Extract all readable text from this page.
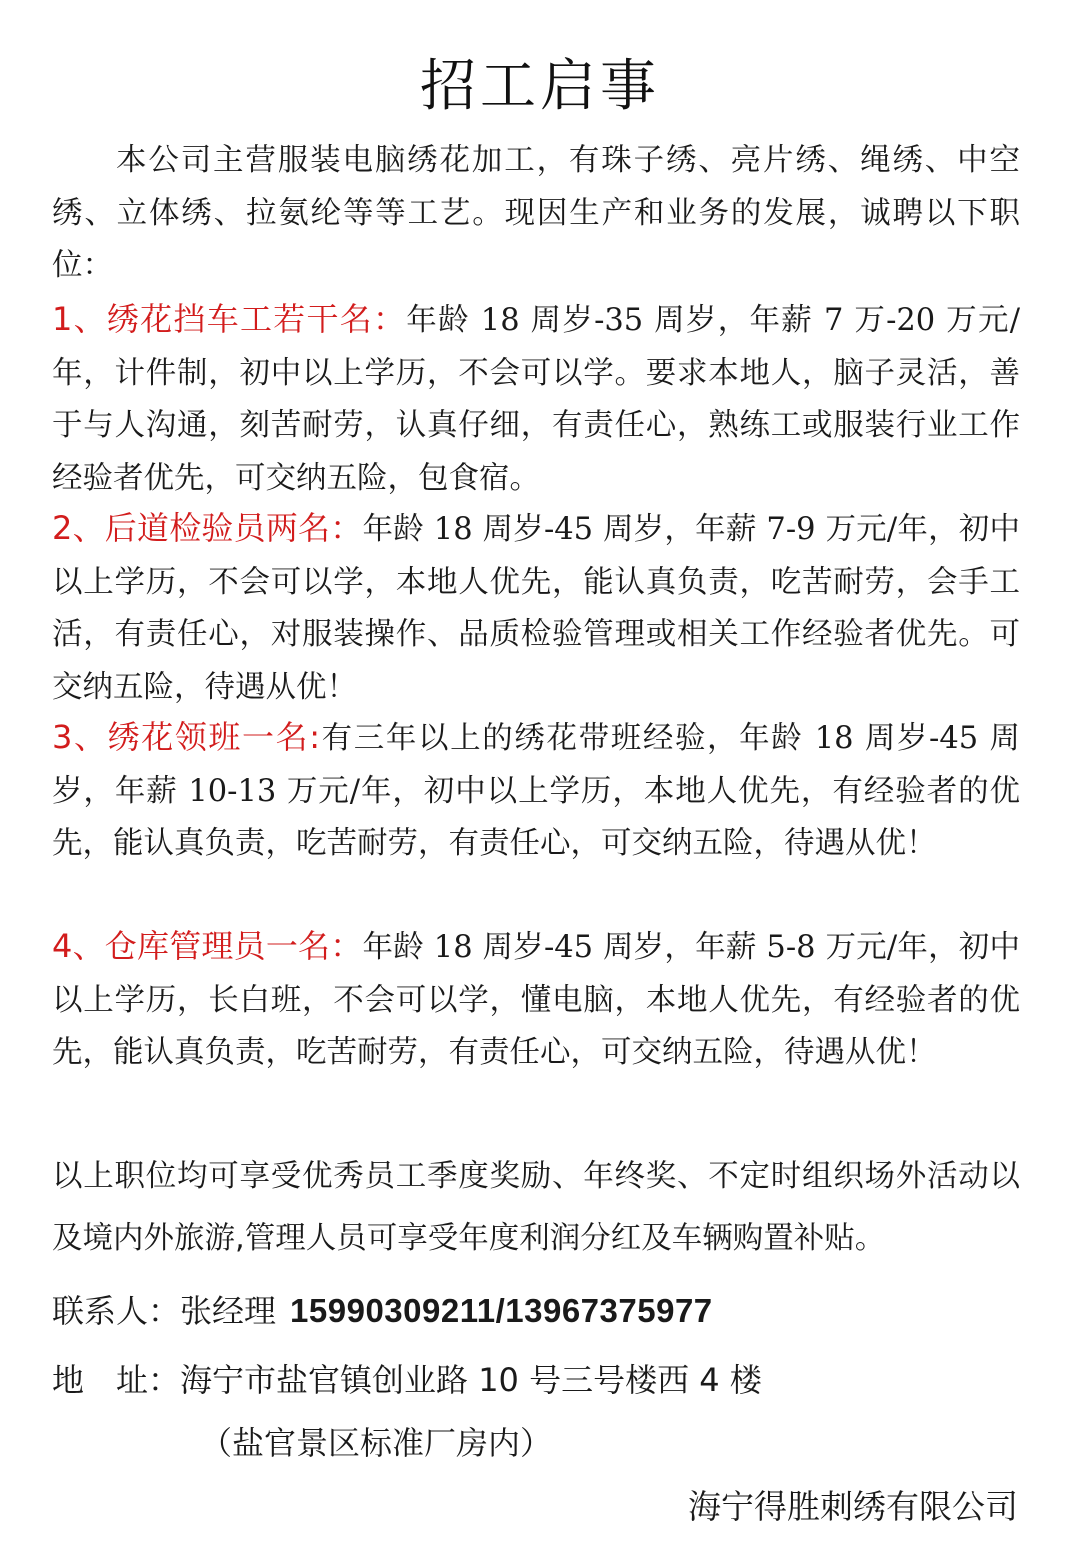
招工启事
本公司主营服装电脑绣花加工，有珠子绣、亮片绣、绳绣、中空绣、立体绣、拉氨纶等等工艺。现因生产和业务的发展，诚聘以下职位：
1、绣花挡车工若干名：年龄 18 周岁-35 周岁，年薪 7 万-20 万元/年，计件制，初中以上学历，不会可以学。要求本地人，脑子灵活，善于与人沟通，刻苦耐劳，认真仔细，有责任心，熟练工或服装行业工作经验者优先，可交纳五险，包食宿。
2、后道检验员两名：年龄 18 周岁-45 周岁，年薪 7-9 万元/年，初中以上学历，不会可以学，本地人优先，能认真负责，吃苦耐劳，会手工活，有责任心，对服装操作、品质检验管理或相关工作经验者优先。可交纳五险，待遇从优！
3、绣花领班一名:有三年以上的绣花带班经验，年龄 18 周岁-45 周岁，年薪 10-13 万元/年，初中以上学历，本地人优先，有经验者的优先，能认真负责，吃苦耐劳，有责任心，可交纳五险，待遇从优！
4、仓库管理员一名：年龄 18 周岁-45 周岁，年薪 5-8 万元/年，初中以上学历，长白班，不会可以学，懂电脑，本地人优先，有经验者的优先，能认真负责，吃苦耐劳，有责任心，可交纳五险，待遇从优！
以上职位均可享受优秀员工季度奖励、年终奖、不定时组织场外活动以及境内外旅游,管理人员可享受年度利润分红及车辆购置补贴。
联系人：张经理 15990309211/13967375977
地　址：海宁市盐官镇创业路 10 号三号楼西 4 楼
（盐官景区标准厂房内）
海宁得胜刺绣有限公司
